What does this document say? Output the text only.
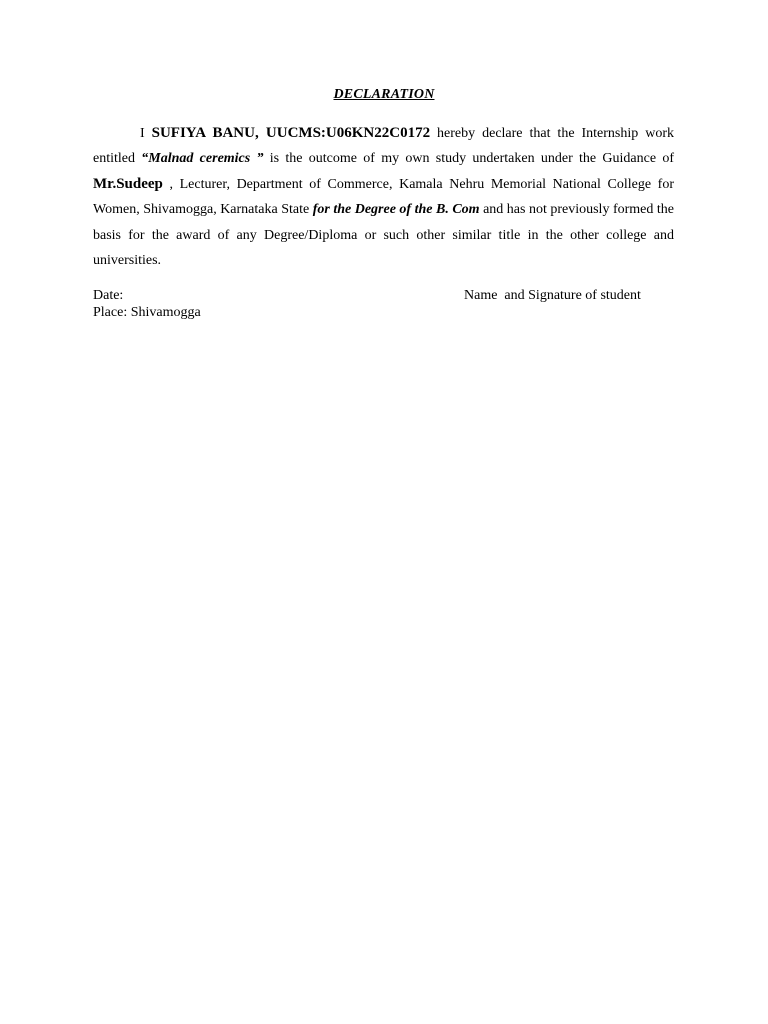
DECLARATION

I SUFIYA BANU, UUCMS:U06KN22C0172 hereby declare that the Internship work entitled “Malnad ceremics ” is the outcome of my own study undertaken under the Guidance of Mr.Sudeep , Lecturer, Department of Commerce, Kamala Nehru Memorial National College for Women, Shivamogga, Karnataka State for the Degree of the B. Com and has not previously formed the basis for the award of any Degree/Diploma or such other similar title in the other college and universities.

Date:
Place: Shivamogga
Name  and Signature of student
